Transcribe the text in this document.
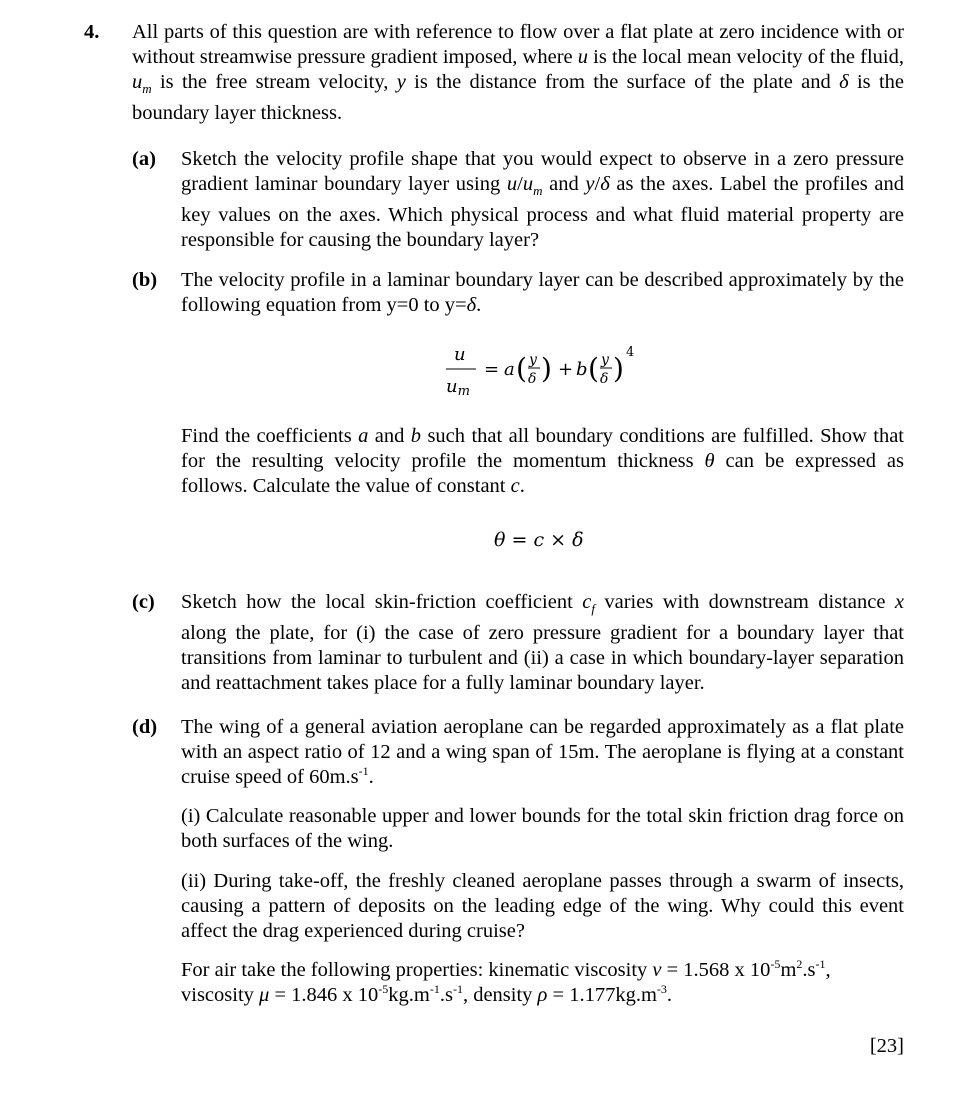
4. All parts of this question are with reference to flow over a flat plate at zero incidence with or without streamwise pressure gradient imposed, where u is the local mean velocity of the fluid, $u_m$ is the free stream velocity, y is the distance from the surface of the plate and δ is the boundary layer thickness.
(a) Sketch the velocity profile shape that you would expect to observe in a zero pressure gradient laminar boundary layer using $u/u_m$ and y/δ as the axes. Label the profiles and key values on the axes. Which physical process and what fluid material property are responsible for causing the boundary layer?
(b) The velocity profile in a laminar boundary layer can be described approximately by the following equation from y=0 to y=δ.
u
um
= a ( y
δ ) + b ( y
δ ) 4
Find the coefficients a and b such that all boundary conditions are fulfilled. Show that for the resulting velocity profile the momentum thickness θ can be expressed as follows. Calculate the value of constant c.
θ = c × δ
(c) Sketch how the local skin-friction coefficient $c_f$ varies with downstream distance x along the plate, for (i) the case of zero pressure gradient for a boundary layer that transitions from laminar to turbulent and (ii) a case in which boundary-layer separation and reattachment takes place for a fully laminar boundary layer.
(d) The wing of a general aviation aeroplane can be regarded approximately as a flat plate with an aspect ratio of 12 and a wing span of 15m. The aeroplane is flying at a constant cruise speed of $60m.s^{-1}$.
(i) Calculate reasonable upper and lower bounds for the total skin friction drag force on both surfaces of the wing.
(ii) During take-off, the freshly cleaned aeroplane passes through a swarm of insects, causing a pattern of deposits on the leading edge of the wing. Why could this event affect the drag experienced during cruise?
For air take the following properties: kinematic viscosity ν = 1.568 x $10^{-5}m^2.s^{-1}$,
viscosity μ = 1.846 x $10^{-5}kg.m^{-1}.s^{-1}$, density $\rho = 1.177kg.m^{-3}$.
[23]
